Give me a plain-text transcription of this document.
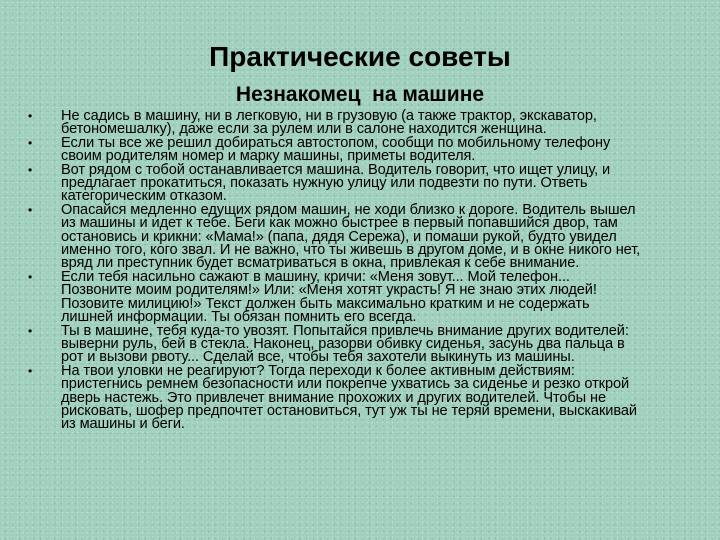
Практические советы
Незнакомец  на машине
• Не садись в машину, ни в легковую, ни в грузовую (а также трактор, экскаватор,
бетономешалку), даже если за рулем или в салоне находится женщина.
• Если ты все же решил добираться автостопом, сообщи по мобильному телефону
своим родителям номер и марку машины, приметы водителя.
• Вот рядом с тобой останавливается машина. Водитель говорит, что ищет улицу, и
предлагает прокатиться, показать нужную улицу или подвезти по пути. Ответь
категорическим отказом.
• Опасайся медленно едущих рядом машин, не ходи близко к дороге. Водитель вышел
из машины и идет к тебе. Беги как можно быстрее в первый попавшийся двор, там
остановись и крикни: «Мама!» (папа, дядя Сережа), и помаши рукой, будто увидел
именно того, кого звал. И не важно, что ты живешь в другом доме, и в окне никого нет,
вряд ли преступник будет всматриваться в окна, привлекая к себе внимание.
• Если тебя насильно сажают в машину, кричи: «Меня зовут... Мой телефон...
Позвоните моим родителям!» Или: «Меня хотят украсть! Я не знаю этих людей!
Позовите милицию!» Текст должен быть максимально кратким и не содержать
лишней информации. Ты обязан помнить его всегда.
• Ты в машине, тебя куда-то увозят. Попытайся привлечь внимание других водителей:
выверни руль, бей в стекла. Наконец, разорви обивку сиденья, засунь два пальца в
рот и вызови рвоту... Сделай все, чтобы тебя захотели выкинуть из машины.
• На твои уловки не реагируют? Тогда переходи к более активным действиям:
пристегнись ремнем безопасности или покрепче ухватись за сиденье и резко открой
дверь настежь. Это привлечет внимание прохожих и других водителей. Чтобы не
рисковать, шофер предпочтет остановиться, тут уж ты не теряй времени, выскакивай
из машины и беги.
